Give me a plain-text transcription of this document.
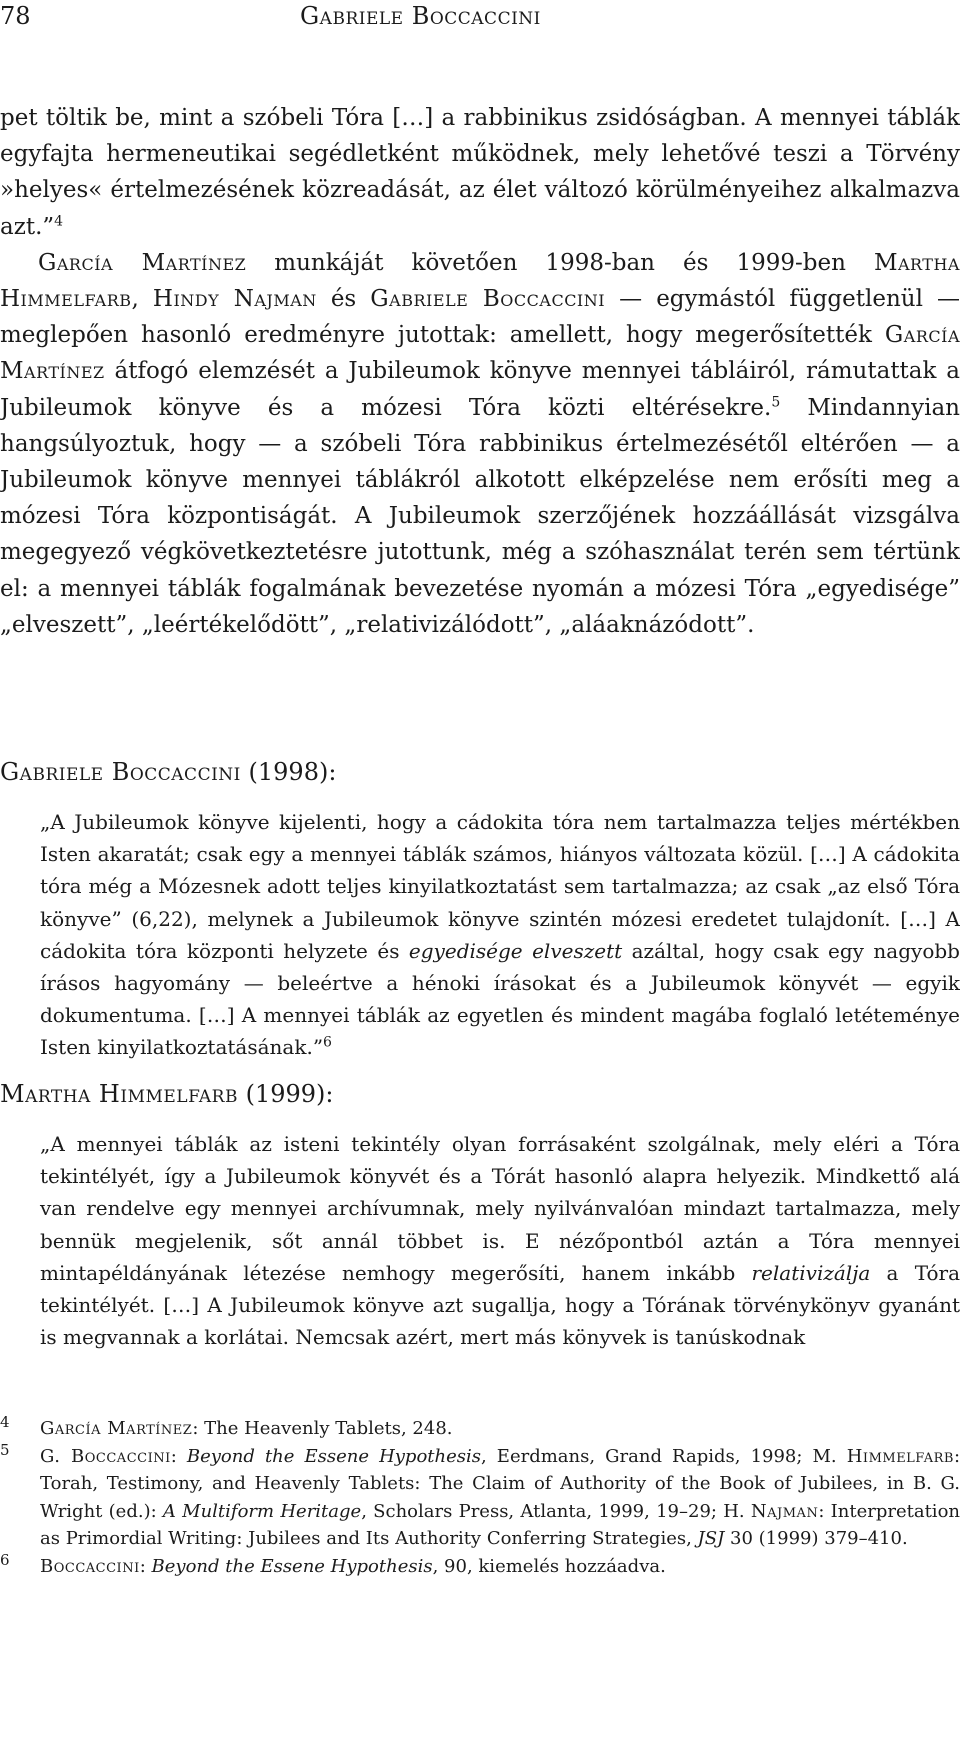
78	Gabriele Boccaccini

pet töltik be, mint a szóbeli Tóra […] a rabbinikus zsidóságban. A mennyei táblák egyfajta hermeneutikai segédletként működnek, mely lehetővé teszi a Törvény »helyes« értelmezésének közreadását, az élet változó körülményeihez alkalmazva azt.”$^4$

García Martínez munkáját követően 1998-ban és 1999-ben Martha Himmelfarb, Hindy Najman és Gabriele Boccaccini — egymástól függetlenül — meglepően hasonló eredményre jutottak: amellett, hogy megerősítették García Martínez átfogó elemzését a Jubileumok könyve mennyei tábláiról, rámutattak a Jubileumok könyve és a mózesi Tóra közti eltérésekre.$^5$ Mindannyian hangsúlyoztuk, hogy — a szóbeli Tóra rabbinikus értelmezésétől eltérően — a Jubileumok könyve mennyei táblákról alkotott elképzelése nem erősíti meg a mózesi Tóra központiságát. A Jubileumok szerzőjének hozzáállását vizsgálva megegyező végkövetkeztetésre jutottunk, még a szóhasználat terén sem tértünk el: a mennyei táblák fogalmának bevezetése nyomán a mózesi Tóra „egyedisége” „elveszett”, „leértékelődött”, „relativizálódott”, „aláaknázódott”.

Gabriele Boccaccini (1998):

„A Jubileumok könyve kijelenti, hogy a cádokita tóra nem tartalmazza teljes mértékben Isten akaratát; csak egy a mennyei táblák számos, hiányos változata közül. […] A cádokita tóra még a Mózesnek adott teljes kinyilatkoztatást sem tartalmazza; az csak „az első Tóra könyve” (6,22), melynek a Jubileumok könyve szintén mózesi eredetet tulajdonít. […] A cádokita tóra központi helyzete és egyedisége elveszett azáltal, hogy csak egy nagyobb írásos hagyomány — beleértve a hénoki írásokat és a Jubileumok könyvét — egyik dokumentuma. […] A mennyei táblák az egyetlen és mindent magába foglaló letéteménye Isten kinyilatkoztatásának.”$^6$

Martha Himmelfarb (1999):

„A mennyei táblák az isteni tekintély olyan forrásaként szolgálnak, mely eléri a Tóra tekintélyét, így a Jubileumok könyvét és a Tórát hasonló alapra helyezik. Mindkettő alá van rendelve egy mennyei archívumnak, mely nyilvánvalóan mindazt tartalmazza, mely bennük megjelenik, sőt annál többet is. E nézőpontból aztán a Tóra mennyei mintapéldányának létezése nemhogy megerősíti, hanem inkább relativizálja a Tóra tekintélyét. […] A Jubileumok könyve azt sugallja, hogy a Tórának törvénykönyv gyanánt is megvannak a korlátai. Nemcsak azért, mert más könyvek is tanúskodnak

4 García Martínez: The Heavenly Tablets, 248.

5 G. Boccaccini: Beyond the Essene Hypothesis, Eerdmans, Grand Rapids, 1998; M. Himmelfarb: Torah, Testimony, and Heavenly Tablets: The Claim of Authority of the Book of Jubilees, in B. G. Wright (ed.): A Multiform Heritage, Scholars Press, Atlanta, 1999, 19–29; H. Najman: Interpretation as Primordial Writing: Jubilees and Its Authority Conferring Strategies, JSJ 30 (1999) 379–410.

6 Boccaccini: Beyond the Essene Hypothesis, 90, kiemelés hozzáadva.
